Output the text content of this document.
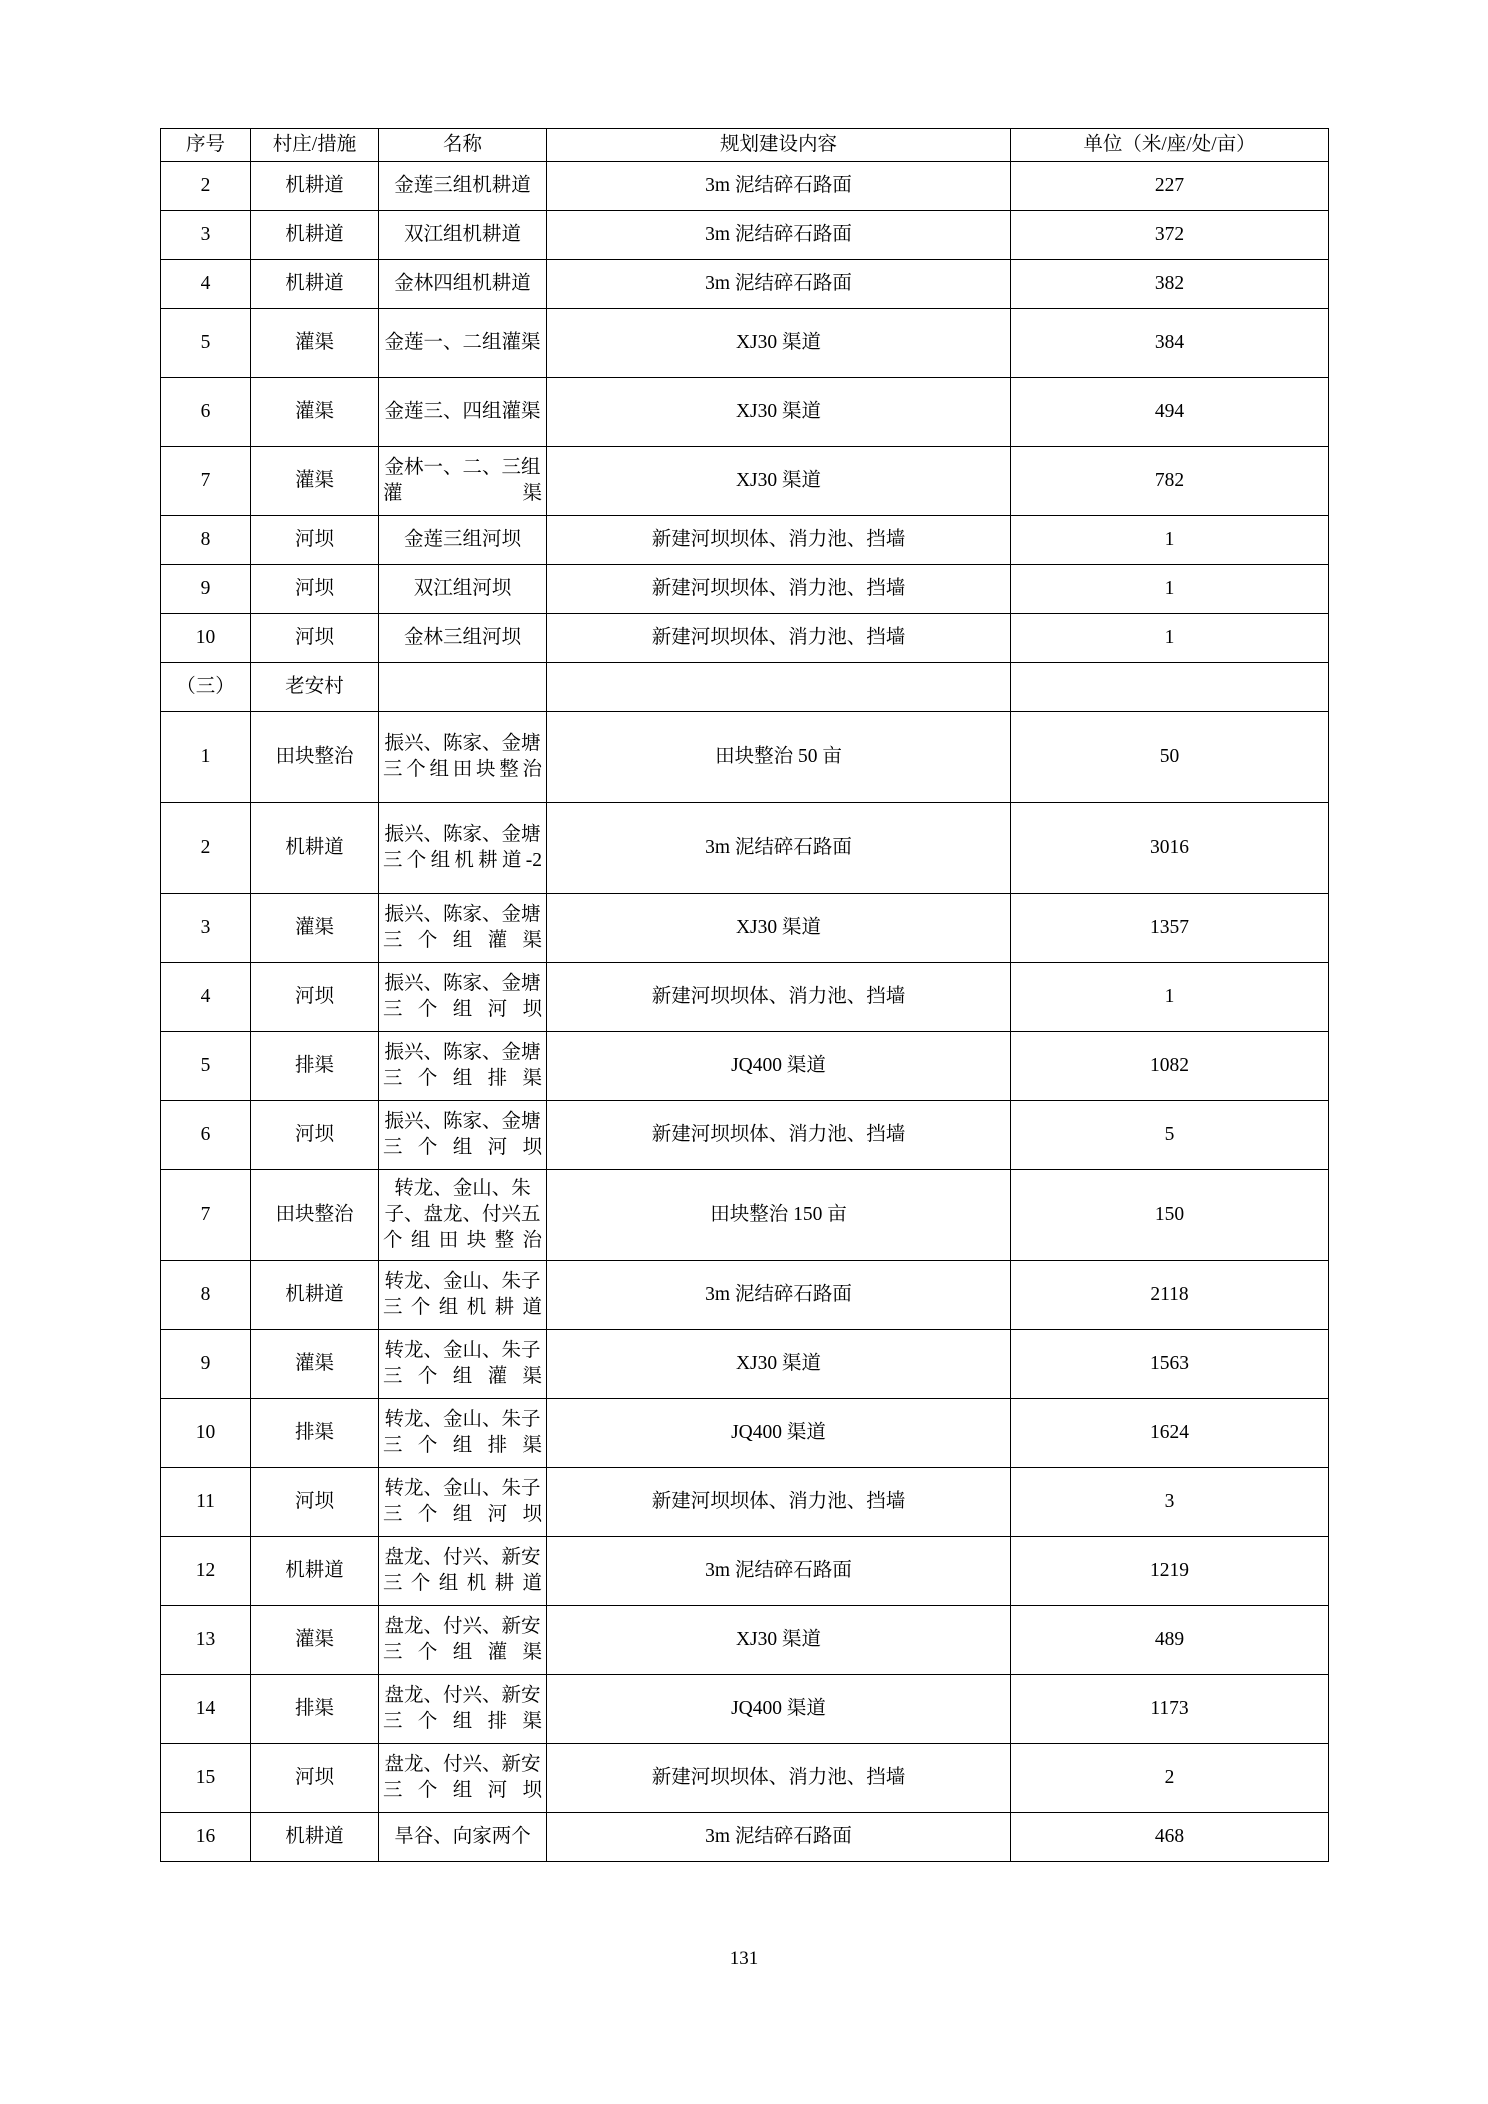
序号	村庄/措施	名称	规划建设内容	单位（米/座/处/亩）
2	机耕道	金莲三组机耕道	3m 泥结碎石路面	227
3	机耕道	双江组机耕道	3m 泥结碎石路面	372
4	机耕道	金林四组机耕道	3m 泥结碎石路面	382
5	灌渠	金莲一、二组灌渠	XJ30 渠道	384
6	灌渠	金莲三、四组灌渠	XJ30 渠道	494
7	灌渠	金林一、二、三组灌渠	XJ30 渠道	782
8	河坝	金莲三组河坝	新建河坝坝体、消力池、挡墙	1
9	河坝	双江组河坝	新建河坝坝体、消力池、挡墙	1
10	河坝	金林三组河坝	新建河坝坝体、消力池、挡墙	1
（三）	老安村			
1	田块整治	振兴、陈家、金塘三个组田块整治	田块整治 50 亩	50
2	机耕道	振兴、陈家、金塘三个组机耕道-2	3m 泥结碎石路面	3016
3	灌渠	振兴、陈家、金塘三个组灌渠	XJ30 渠道	1357
4	河坝	振兴、陈家、金塘三个组河坝	新建河坝坝体、消力池、挡墙	1
5	排渠	振兴、陈家、金塘三个组排渠	JQ400 渠道	1082
6	河坝	振兴、陈家、金塘三个组河坝	新建河坝坝体、消力池、挡墙	5
7	田块整治	转龙、金山、朱子、盘龙、付兴五个组田块整治	田块整治 150 亩	150
8	机耕道	转龙、金山、朱子三个组机耕道	3m 泥结碎石路面	2118
9	灌渠	转龙、金山、朱子三个组灌渠	XJ30 渠道	1563
10	排渠	转龙、金山、朱子三个组排渠	JQ400 渠道	1624
11	河坝	转龙、金山、朱子三个组河坝	新建河坝坝体、消力池、挡墙	3
12	机耕道	盘龙、付兴、新安三个组机耕道	3m 泥结碎石路面	1219
13	灌渠	盘龙、付兴、新安三个组灌渠	XJ30 渠道	489
14	排渠	盘龙、付兴、新安三个组排渠	JQ400 渠道	1173
15	河坝	盘龙、付兴、新安三个组河坝	新建河坝坝体、消力池、挡墙	2
16	机耕道	旱谷、向家两个	3m 泥结碎石路面	468
131
